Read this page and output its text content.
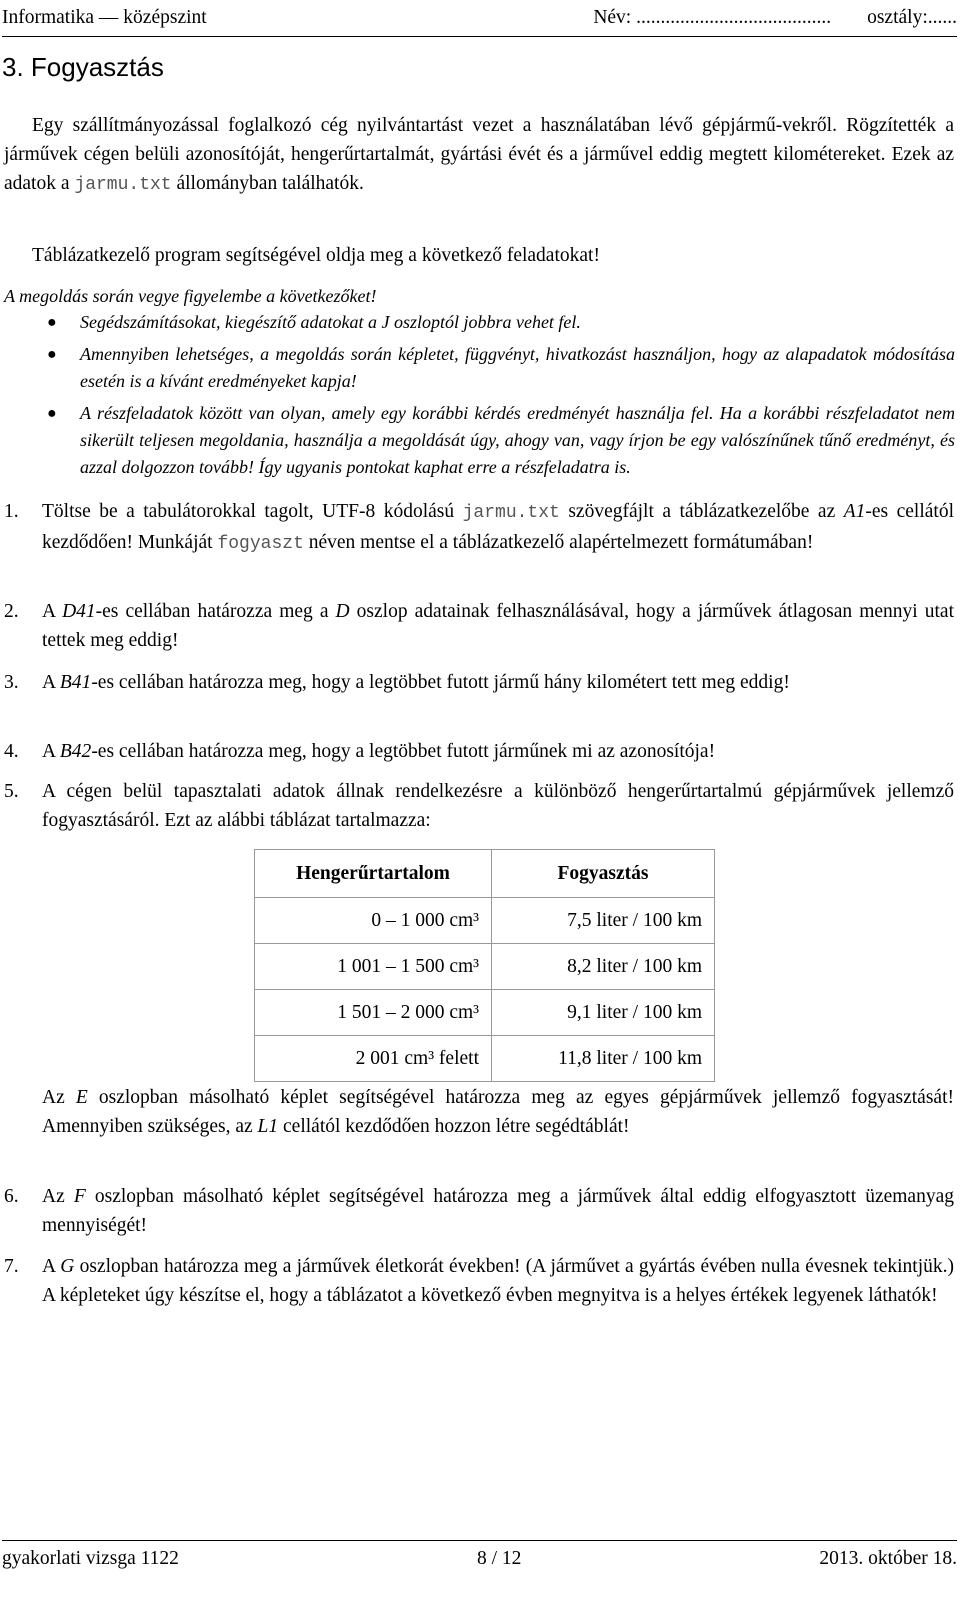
Informatika — középszint	Név: ........................................ osztály:......
3. Fogyasztás
Egy szállítmányozással foglalkozó cég nyilvántartást vezet a használatában lévő gépjármű-vekről. Rögzítették a járművek cégen belüli azonosítóját, hengerűrtartalmát, gyártási évét és a járművel eddig megtett kilométereket. Ezek az adatok a jarmu.txt állományban találhatók.
Táblázatkezelő program segítségével oldja meg a következő feladatokat!
A megoldás során vegye figyelembe a következőket!
● Segédszámításokat, kiegészítő adatokat a J oszloptól jobbra vehet fel.
● Amennyiben lehetséges, a megoldás során képletet, függvényt, hivatkozást használjon, hogy az alapadatok módosítása esetén is a kívánt eredményeket kapja!
● A részfeladatok között van olyan, amely egy korábbi kérdés eredményét használja fel. Ha a korábbi részfeladatot nem sikerült teljesen megoldania, használja a megoldását úgy, ahogy van, vagy írjon be egy valószínűnek tűnő eredményt, és azzal dolgozzon tovább! Így ugyanis pontokat kaphat erre a részfeladatra is.
1. Töltse be a tabulátorokkal tagolt, UTF-8 kódolású jarmu.txt szövegfájlt a táblázatkezelőbe az A1-es cellától kezdődően! Munkáját fogyaszt néven mentse el a táblázatkezelő alapértelmezett formátumában!
2. A D41-es cellában határozza meg a D oszlop adatainak felhasználásával, hogy a járművek átlagosan mennyi utat tettek meg eddig!
3. A B41-es cellában határozza meg, hogy a legtöbbet futott jármű hány kilométert tett meg eddig!
4. A B42-es cellában határozza meg, hogy a legtöbbet futott járműnek mi az azonosítója!
5. A cégen belül tapasztalati adatok állnak rendelkezésre a különböző hengerűrtartalmú gépjárművek jellemző fogyasztásáról. Ezt az alábbi táblázat tartalmazza:
Hengerűrtartalom	Fogyasztás
0 – 1 000 cm³	7,5 liter / 100 km
1 001 – 1 500 cm³	8,2 liter / 100 km
1 501 – 2 000 cm³	9,1 liter / 100 km
2 001 cm³ felett	11,8 liter / 100 km
Az E oszlopban másolható képlet segítségével határozza meg az egyes gépjárművek jellemző fogyasztását! Amennyiben szükséges, az L1 cellától kezdődően hozzon létre segédtáblát!
6. Az F oszlopban másolható képlet segítségével határozza meg a járművek által eddig elfogyasztott üzemanyag mennyiségét!
7. A G oszlopban határozza meg a járművek életkorát években! (A járművet a gyártás évében nulla évesnek tekintjük.) A képleteket úgy készítse el, hogy a táblázatot a következő évben megnyitva is a helyes értékek legyenek láthatók!
gyakorlati vizsga 1122	8 / 12	2013. október 18.
